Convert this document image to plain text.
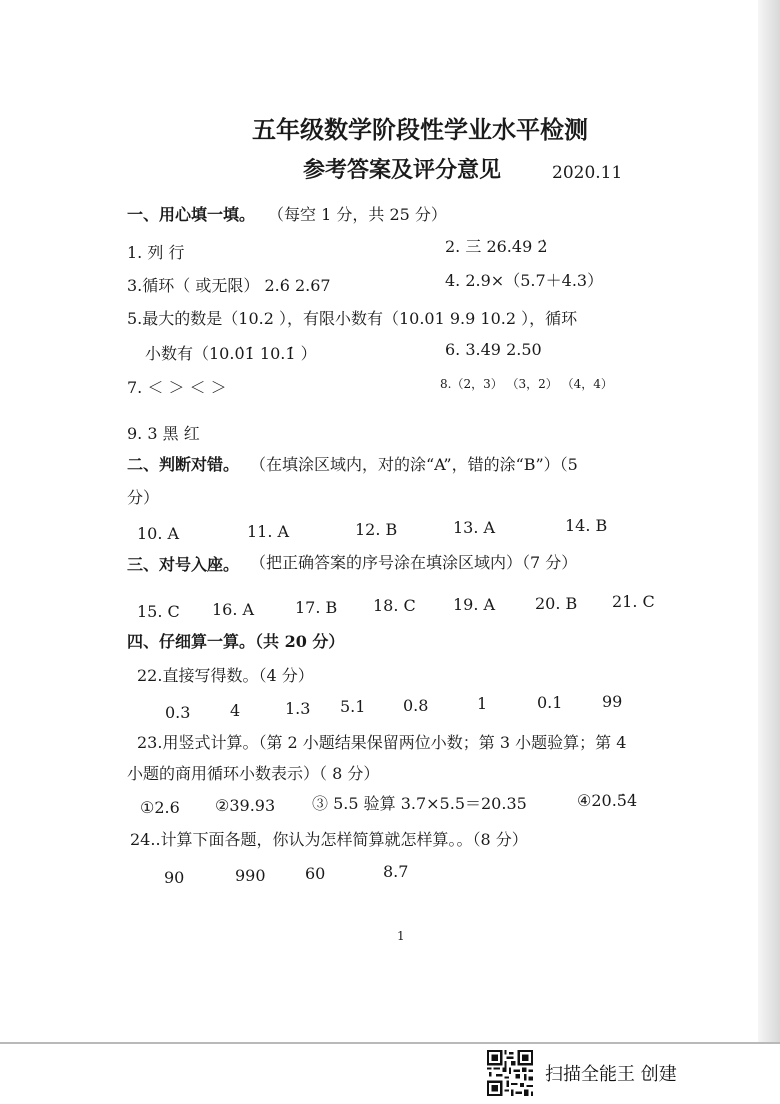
五年级数学阶段性学业水平检测
参考答案及评分意见	2020.11
一、用心填一填。 （每空 1 分，共 25 分）
1. 列 行	2. 三 26.49 2̇
3.循环（ 或无限） 2.6̇ 2.67	4. 2.9×（5.7＋4.3）
5.最大的数是（10.2 ），有限小数有（10.01 9.9 10.2 ），循环
小数有（10.0̇1̇ 10.1̇ ）	6. 3.49 2.50
7. ＜ ＞ ＜ ＞	8.（2，3） （3，2） （4，4）
9. 3 黑 红
二、判断对错。 （在填涂区域内，对的涂“A”，错的涂“B”）（5
分）
10. A	11. A	12. B	13. A	14. B
三、对号入座。 （把正确答案的序号涂在填涂区域内）（7 分）
15. C 16. A	17. B 18. C 19. A 20. B 21. C
四、仔细算一算。（共 20 分）
22.直接写得数。（4 分）
0.3 4	1.3 5.1 0.8	1	0.1 99
23.用竖式计算。（第 2 小题结果保留两位小数；第 3 小题验算；第 4
小题的商用循环小数表示）（ 8 分）
①2.6 ②39.93 ③ 5.5 验算 3.7×5.5＝20.35	④20.5̇4̇
24..计算下面各题，你认为怎样简算就怎样算。。（8 分）
90	990 60	8.7
1
扫描全能王 创建
